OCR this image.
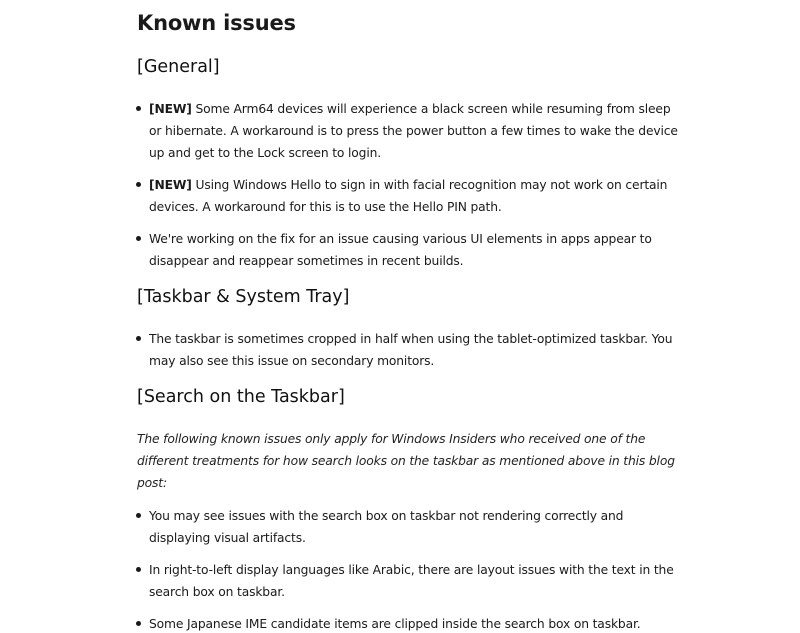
Known issues
[General]
[NEW] Some Arm64 devices will experience a black screen while resuming from sleep or hibernate. A workaround is to press the power button a few times to wake the device up and get to the Lock screen to login.
[NEW] Using Windows Hello to sign in with facial recognition may not work on certain devices. A workaround for this is to use the Hello PIN path.
We're working on the fix for an issue causing various UI elements in apps appear to disappear and reappear sometimes in recent builds.
[Taskbar & System Tray]
The taskbar is sometimes cropped in half when using the tablet-optimized taskbar. You may also see this issue on secondary monitors.
[Search on the Taskbar]

The following known issues only apply for Windows Insiders who received one of the different treatments for how search looks on the taskbar as mentioned above in this blog post:

You may see issues with the search box on taskbar not rendering correctly and displaying visual artifacts.
In right-to-left display languages like Arabic, there are layout issues with the text in the search box on taskbar.
Some Japanese IME candidate items are clipped inside the search box on taskbar.
